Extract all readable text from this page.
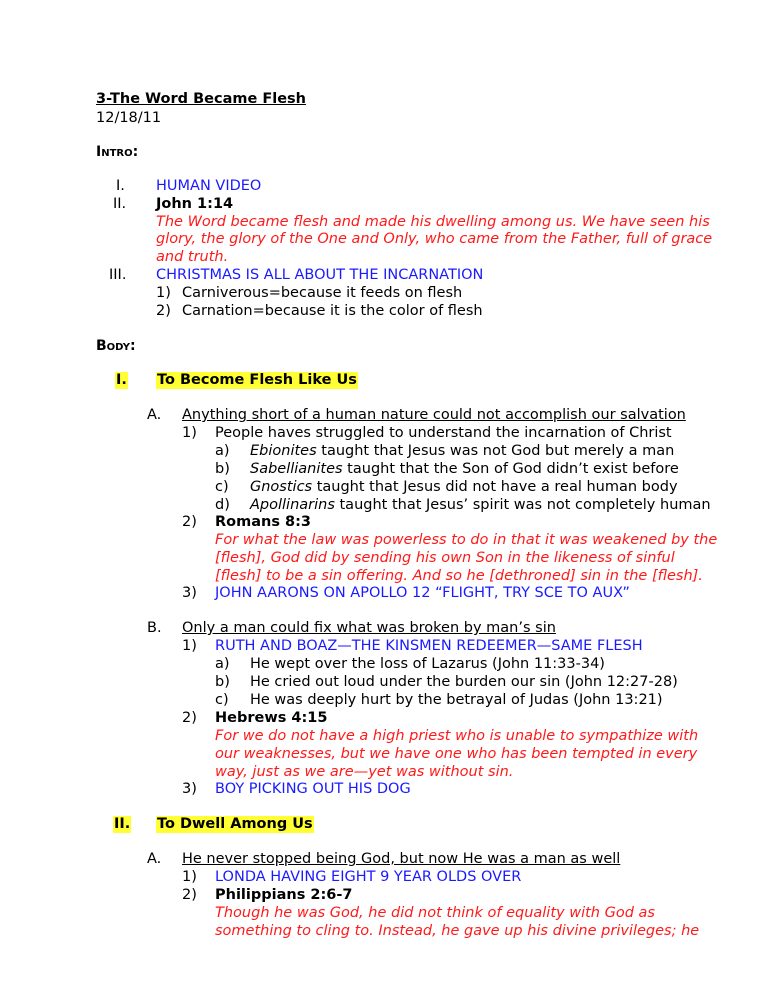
3-The Word Became Flesh
12/18/11
Intro:
I. HUMAN VIDEO
II. John 1:14
The Word became flesh and made his dwelling among us. We have seen his
glory, the glory of the One and Only, who came from the Father, full of grace
and truth.
III. CHRISTMAS IS ALL ABOUT THE INCARNATION
1) Carniverous=because it feeds on flesh
2) Carnation=because it is the color of flesh
Body:
I. To Become Flesh Like Us
A. Anything short of a human nature could not accomplish our salvation
1) People haves struggled to understand the incarnation of Christ
a) Ebionites taught that Jesus was not God but merely a man
b) Sabellianites taught that the Son of God didn’t exist before
c) Gnostics taught that Jesus did not have a real human body
d) Apollinarins taught that Jesus’ spirit was not completely human
2) Romans 8:3
For what the law was powerless to do in that it was weakened by the
[flesh], God did by sending his own Son in the likeness of sinful
[flesh] to be a sin offering. And so he [dethroned] sin in the [flesh].
3) JOHN AARONS ON APOLLO 12 “FLIGHT, TRY SCE TO AUX”
B. Only a man could fix what was broken by man’s sin
1) RUTH AND BOAZ—THE KINSMEN REDEEMER—SAME FLESH
a) He wept over the loss of Lazarus (John 11:33-34)
b) He cried out loud under the burden our sin (John 12:27-28)
c) He was deeply hurt by the betrayal of Judas (John 13:21)
2) Hebrews 4:15
For we do not have a high priest who is unable to sympathize with
our weaknesses, but we have one who has been tempted in every
way, just as we are—yet was without sin.
3) BOY PICKING OUT HIS DOG
II. To Dwell Among Us
A. He never stopped being God, but now He was a man as well
1) LONDA HAVING EIGHT 9 YEAR OLDS OVER
2) Philippians 2:6-7
Though he was God, he did not think of equality with God as
something to cling to. Instead, he gave up his divine privileges; he
